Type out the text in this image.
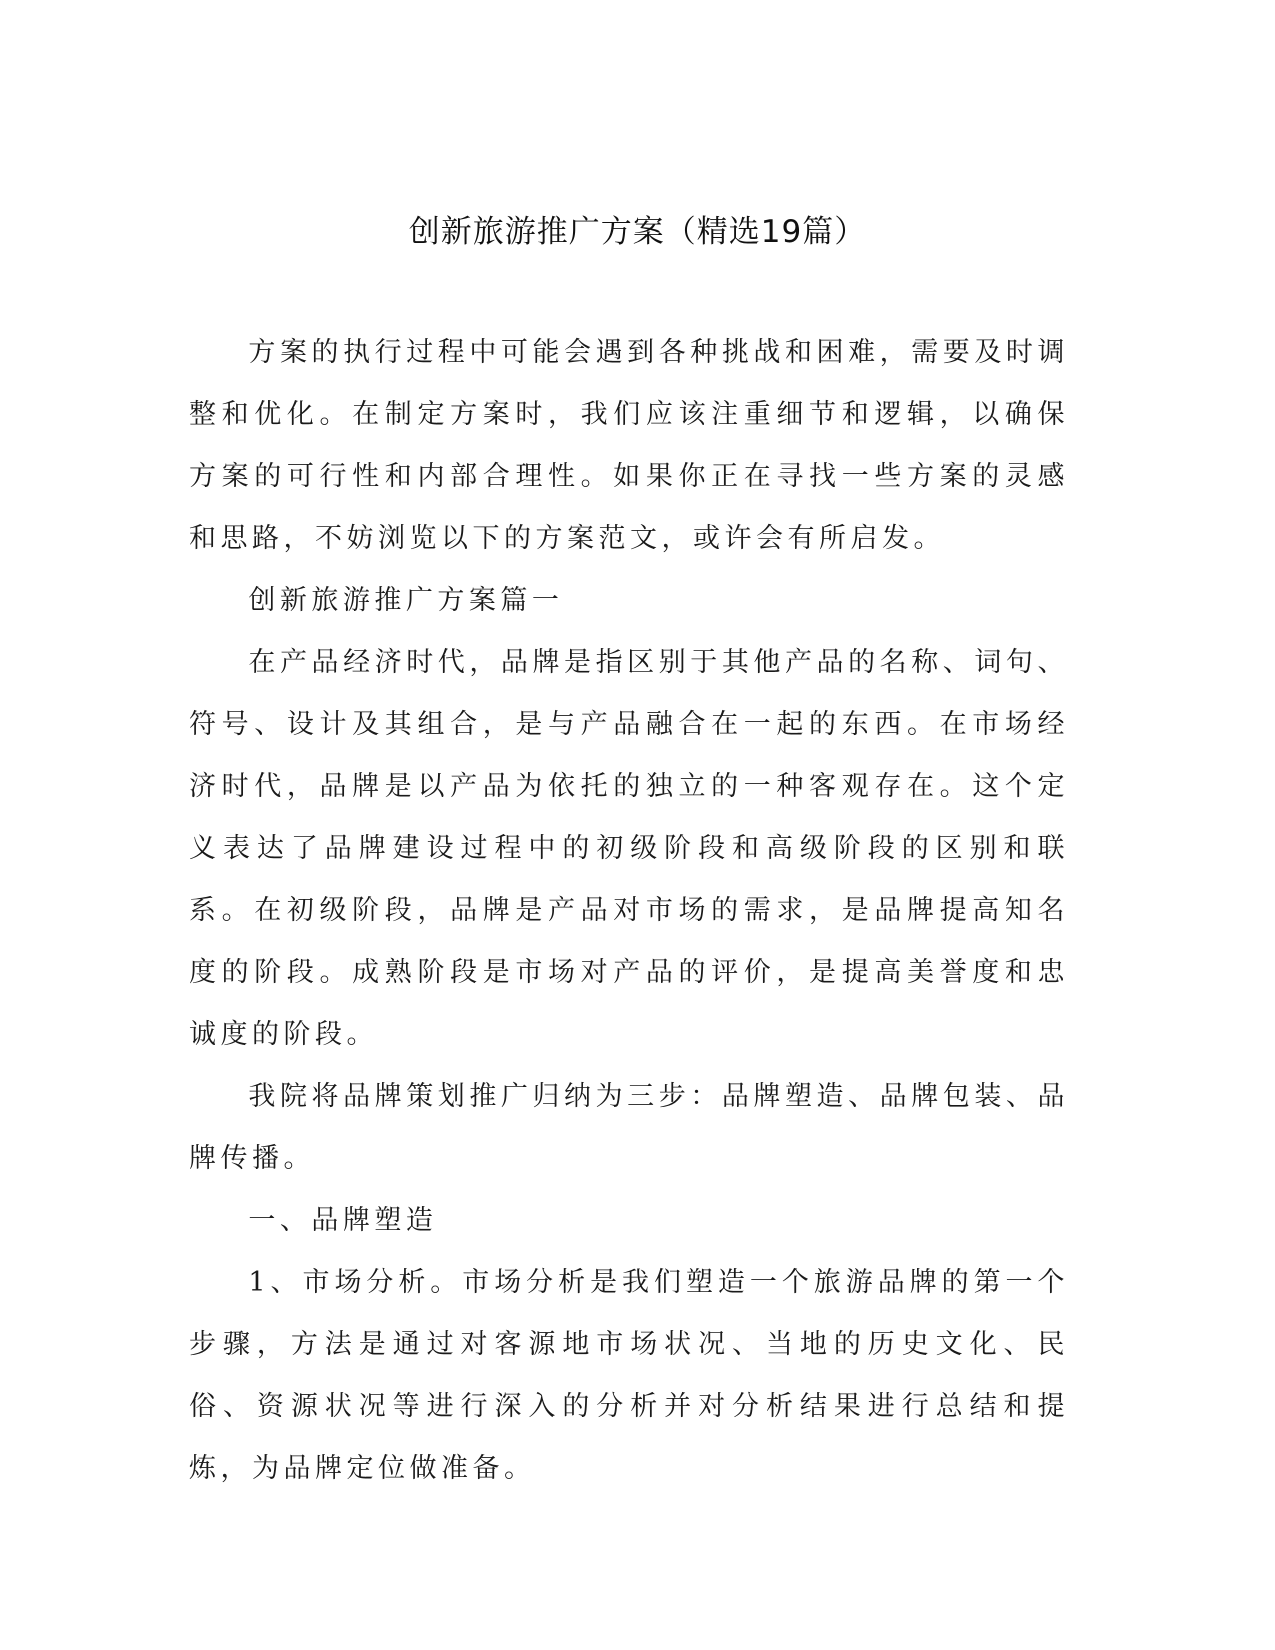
创新旅游推广方案（精选19篇）

方案的执行过程中可能会遇到各种挑战和困难，需要及时调整和优化。在制定方案时，我们应该注重细节和逻辑，以确保方案的可行性和内部合理性。如果你正在寻找一些方案的灵感和思路，不妨浏览以下的方案范文，或许会有所启发。

创新旅游推广方案篇一

在产品经济时代，品牌是指区别于其他产品的名称、词句、符号、设计及其组合，是与产品融合在一起的东西。在市场经济时代，品牌是以产品为依托的独立的一种客观存在。这个定义表达了品牌建设过程中的初级阶段和高级阶段的区别和联系。在初级阶段，品牌是产品对市场的需求，是品牌提高知名度的阶段。成熟阶段是市场对产品的评价，是提高美誉度和忠诚度的阶段。

我院将品牌策划推广归纳为三步：品牌塑造、品牌包装、品牌传播。

一、品牌塑造

1、市场分析。市场分析是我们塑造一个旅游品牌的第一个步骤，方法是通过对客源地市场状况、当地的历史文化、民俗、资源状况等进行深入的分析并对分析结果进行总结和提炼，为品牌定位做准备。
